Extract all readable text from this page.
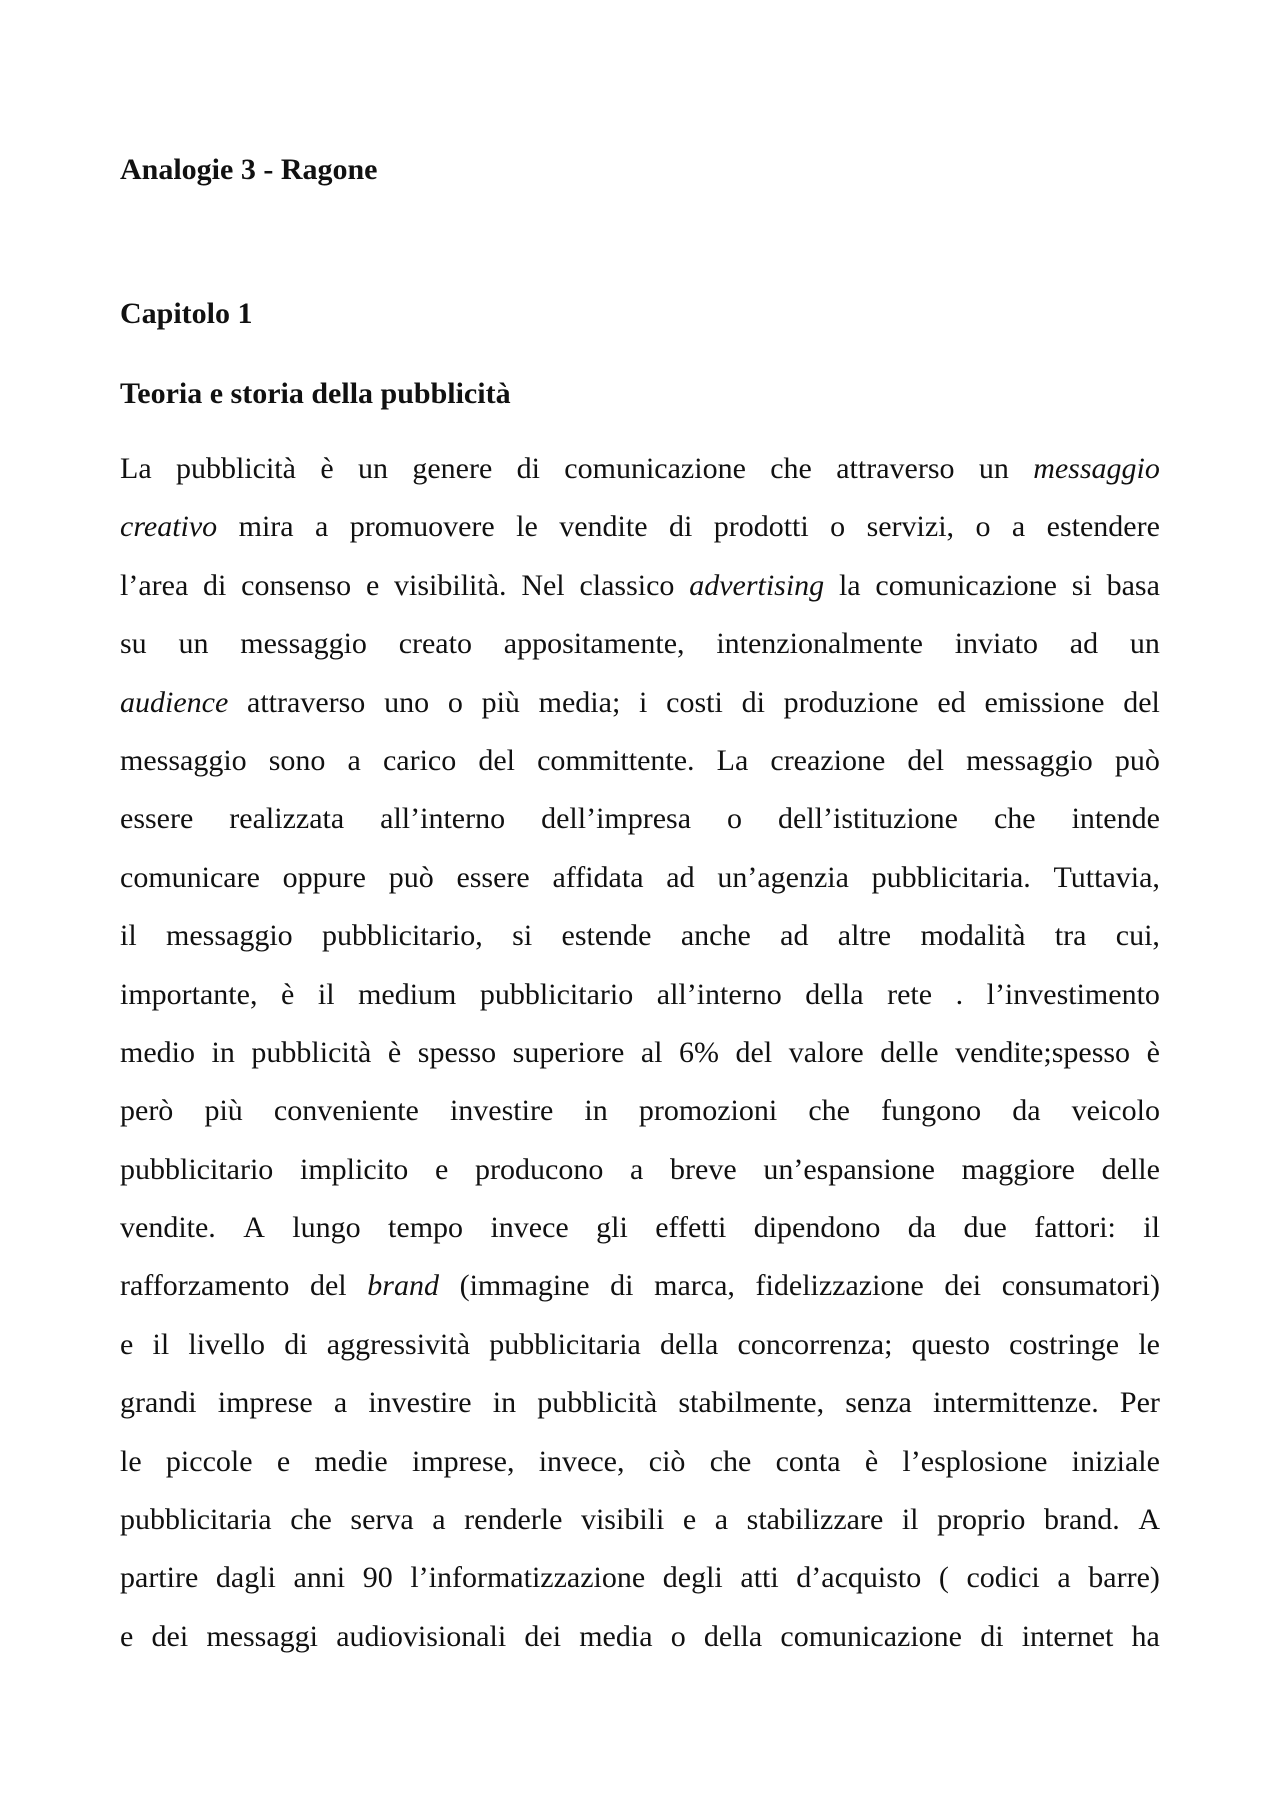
Analogie 3 - Ragone
Capitolo 1
Teoria e storia della pubblicità
La pubblicità è un genere di comunicazione che attraverso un messaggio
creativo mira a promuovere le vendite di prodotti o servizi, o a estendere
l’area di consenso e visibilità. Nel classico advertising la comunicazione si basa
su un messaggio creato appositamente, intenzionalmente inviato ad un
audience attraverso uno o più media; i costi di produzione ed emissione del
messaggio sono a carico del committente. La creazione del messaggio può
essere realizzata all’interno dell’impresa o dell’istituzione che intende
comunicare oppure può essere affidata ad un’agenzia pubblicitaria. Tuttavia,
il messaggio pubblicitario, si estende anche ad altre modalità tra cui,
importante, è il medium pubblicitario all’interno della rete . l’investimento
medio in pubblicità è spesso superiore al 6% del valore delle vendite;spesso è
però più conveniente investire in promozioni che fungono da veicolo
pubblicitario implicito e producono a breve un’espansione maggiore delle
vendite. A lungo tempo invece gli effetti dipendono da due fattori: il
rafforzamento del brand (immagine di marca, fidelizzazione dei consumatori)
e il livello di aggressività pubblicitaria della concorrenza; questo costringe le
grandi imprese a investire in pubblicità stabilmente, senza intermittenze. Per
le piccole e medie imprese, invece, ciò che conta è l’esplosione iniziale
pubblicitaria che serva a renderle visibili e a stabilizzare il proprio brand. A
partire dagli anni 90 l’informatizzazione degli atti d’acquisto ( codici a barre)
e dei messaggi audiovisionali dei media o della comunicazione di internet ha
